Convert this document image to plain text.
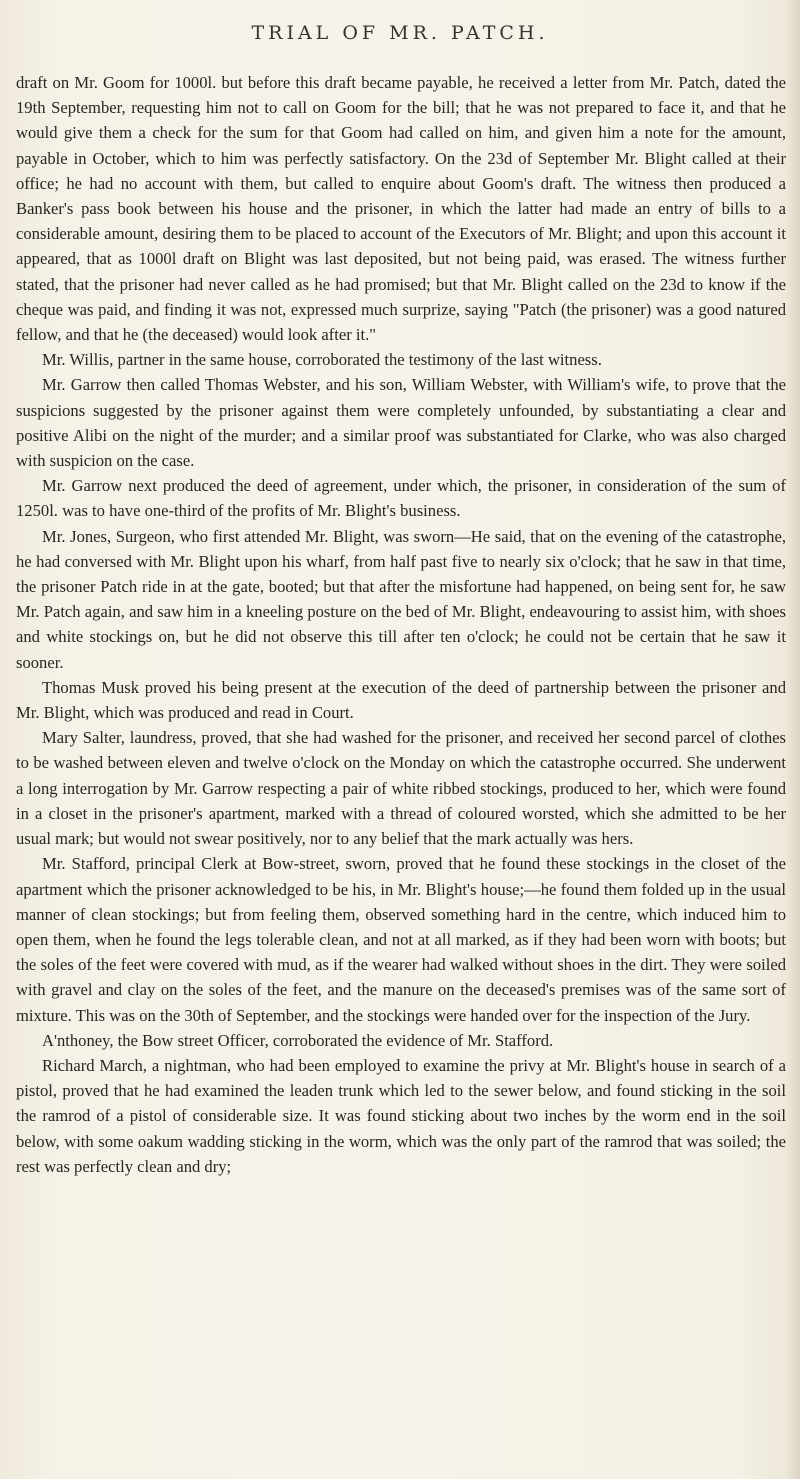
TRIAL OF MR. PATCH.

draft on Mr. Goom for 1000l. but before this draft became payable, he received a letter from Mr. Patch, dated the 19th September, requesting him not to call on Goom for the bill; that he was not prepared to face it, and that he would give them a check for the sum for that Goom had called on him, and given him a note for the amount, payable in October, which to him was perfectly satisfactory. On the 23d of September Mr. Blight called at their office; he had no account with them, but called to enquire about Goom's draft. The witness then produced a Banker's pass book between his house and the prisoner, in which the latter had made an entry of bills to a considerable amount, desiring them to be placed to account of the Executors of Mr. Blight; and upon this account it appeared, that as 1000l draft on Blight was last deposited, but not being paid, was erased. The witness further stated, that the prisoner had never called as he had promised; but that Mr. Blight called on the 23d to know if the cheque was paid, and finding it was not, expressed much surprize, saying "Patch (the prisoner) was a good natured fellow, and that he (the deceased) would look after it."

Mr. Willis, partner in the same house, corroborated the testimony of the last witness.

Mr. Garrow then called Thomas Webster, and his son, William Webster, with William's wife, to prove that the suspicions suggested by the prisoner against them were completely unfounded, by substantiating a clear and positive Alibi on the night of the murder; and a similar proof was substantiated for Clarke, who was also charged with suspicion on the case.

Mr. Garrow next produced the deed of agreement, under which, the prisoner, in consideration of the sum of 1250l. was to have one-third of the profits of Mr. Blight's business.

Mr. Jones, Surgeon, who first attended Mr. Blight, was sworn—He said, that on the evening of the catastrophe, he had conversed with Mr. Blight upon his wharf, from half past five to nearly six o'clock; that he saw in that time, the prisoner Patch ride in at the gate, booted; but that after the misfortune had happened, on being sent for, he saw Mr. Patch again, and saw him in a kneeling posture on the bed of Mr. Blight, endeavouring to assist him, with shoes and white stockings on, but he did not observe this till after ten o'clock; he could not be certain that he saw it sooner.

Thomas Musk proved his being present at the execution of the deed of partnership between the prisoner and Mr. Blight, which was produced and read in Court.

Mary Salter, laundress, proved, that she had washed for the prisoner, and received her second parcel of clothes to be washed between eleven and twelve o'clock on the Monday on which the catastrophe occurred. She underwent a long interrogation by Mr. Garrow respecting a pair of white ribbed stockings, produced to her, which were found in a closet in the prisoner's apartment, marked with a thread of coloured worsted, which she admitted to be her usual mark; but would not swear positively, nor to any belief that the mark actually was hers.

Mr. Stafford, principal Clerk at Bow-street, sworn, proved that he found these stockings in the closet of the apartment which the prisoner acknowledged to be his, in Mr. Blight's house;—he found them folded up in the usual manner of clean stockings; but from feeling them, observed something hard in the centre, which induced him to open them, when he found the legs tolerable clean, and not at all marked, as if they had been worn with boots; but the soles of the feet were covered with mud, as if the wearer had walked without shoes in the dirt. They were soiled with gravel and clay on the soles of the feet, and the manure on the deceased's premises was of the same sort of mixture. This was on the 30th of September, and the stockings were handed over for the inspection of the Jury.

A'nthoney, the Bow street Officer, corroborated the evidence of Mr. Stafford.

Richard March, a nightman, who had been employed to examine the privy at Mr. Blight's house in search of a pistol, proved that he had examined the leaden trunk which led to the sewer below, and found sticking in the soil the ramrod of a pistol of considerable size. It was found sticking about two inches by the worm end in the soil below, with some oakum wadding sticking in the worm, which was the only part of the ramrod that was soiled; the rest was perfectly clean and dry;
